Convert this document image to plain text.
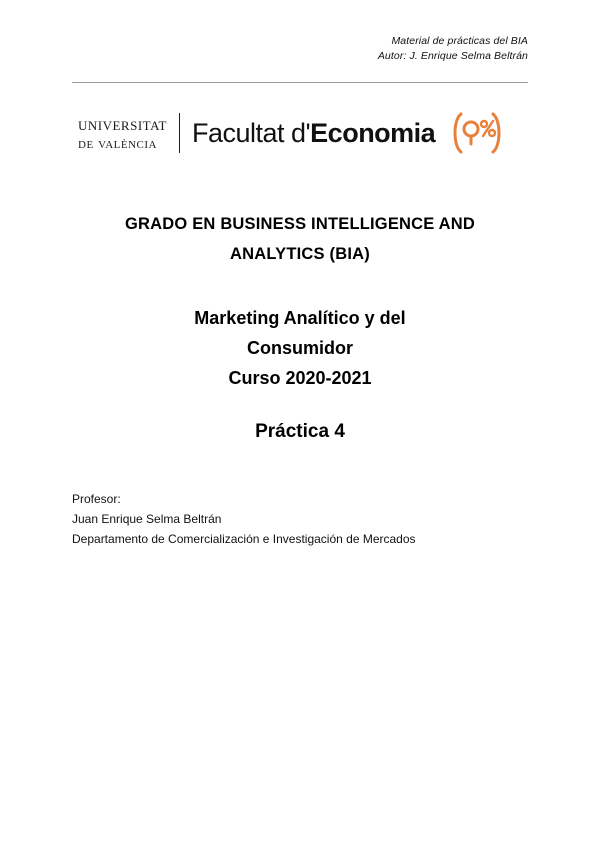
Material de prácticas del BIA
Autor: J. Enrique Selma Beltrán
universitat
de valència	Facultat d'Economia
GRADO EN BUSINESS INTELLIGENCE AND
ANALYTICS (BIA)
Marketing Analítico y del
Consumidor
Curso 2020-2021
Práctica 4
Profesor:
Juan Enrique Selma Beltrán
Departamento de Comercialización e Investigación de Mercados
